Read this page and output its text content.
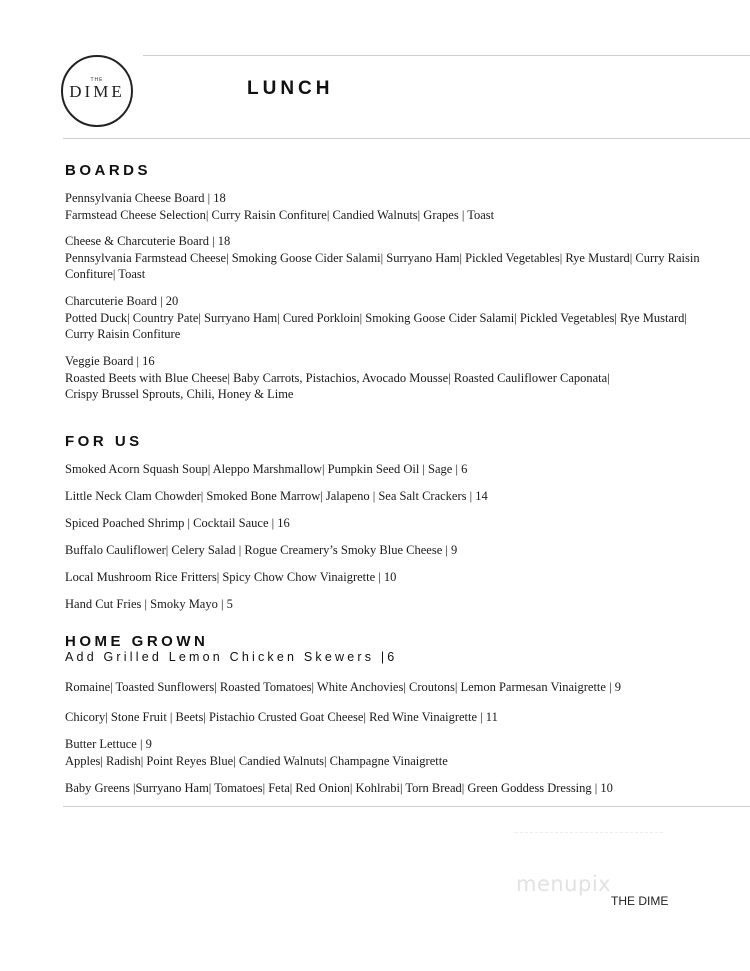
THE
DIME	LUNCH
BOARDS

Pennsylvania Cheese Board | 18

Farmstead Cheese Selection| Curry Raisin Confiture| Candied Walnuts| Grapes | Toast

Cheese & Charcuterie Board | 18

Pennsylvania Farmstead Cheese| Smoking Goose Cider Salami| Surryano Ham| Pickled Vegetables| Rye Mustard| Curry Raisin Confiture| Toast

Charcuterie Board | 20

Potted Duck| Country Pate| Surryano Ham| Cured Porkloin| Smoking Goose Cider Salami| Pickled Vegetables| Rye Mustard| Curry Raisin Confiture

Veggie Board | 16

Roasted Beets with Blue Cheese| Baby Carrots, Pistachios, Avocado Mousse| Roasted Cauliflower Caponata|

Crispy Brussel Sprouts, Chili, Honey & Lime

FOR US
Smoked Acorn Squash Soup| Aleppo Marshmallow| Pumpkin Seed Oil | Sage | 6
Little Neck Clam Chowder| Smoked Bone Marrow| Jalapeno | Sea Salt Crackers | 14
Spiced Poached Shrimp | Cocktail Sauce | 16
Buffalo Cauliflower| Celery Salad | Rogue Creamery’s Smoky Blue Cheese | 9
Local Mushroom Rice Fritters| Spicy Chow Chow Vinaigrette | 10
Hand Cut Fries | Smoky Mayo | 5
HOME GROWN
Add Grilled Lemon Chicken Skewers |6
Romaine| Toasted Sunflowers| Roasted Tomatoes| White Anchovies| Croutons| Lemon Parmesan Vinaigrette | 9
Chicory| Stone Fruit | Beets| Pistachio Crusted Goat Cheese| Red Wine Vinaigrette | 11

Butter Lettuce | 9

Apples| Radish| Point Reyes Blue| Candied Walnuts| Champagne Vinaigrette

Baby Greens |Surryano Ham| Tomatoes| Feta| Red Onion| Kohlrabi| Torn Bread| Green Goddess Dressing | 10
menupix
THE DIME
